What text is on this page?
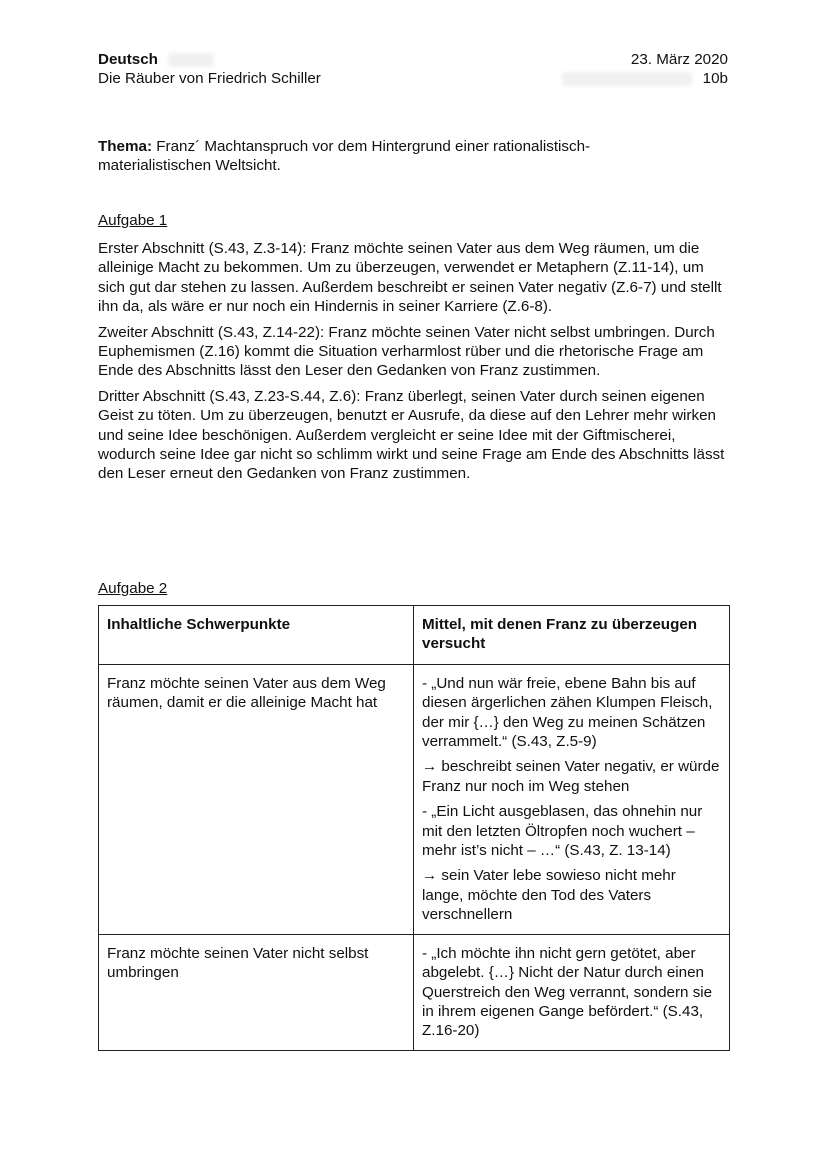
Deutsch
Die Räuber von Friedrich Schiller
23. März 2020
10b
Thema: Franz´ Machtanspruch vor dem Hintergrund einer rationalistisch-materialistischen Weltsicht.
Aufgabe 1

Erster Abschnitt (S.43, Z.3-14): Franz möchte seinen Vater aus dem Weg räumen, um die alleinige Macht zu bekommen. Um zu überzeugen, verwendet er Metaphern (Z.11-14), um sich gut dar stehen zu lassen. Außerdem beschreibt er seinen Vater negativ (Z.6-7) und stellt ihn da, als wäre er nur noch ein Hindernis in seiner Karriere (Z.6-8).

Zweiter Abschnitt (S.43, Z.14-22): Franz möchte seinen Vater nicht selbst umbringen. Durch Euphemismen (Z.16) kommt die Situation verharmlost rüber und die rhetorische Frage am Ende des Abschnitts lässt den Leser den Gedanken von Franz zustimmen.

Dritter Abschnitt (S.43, Z.23-S.44, Z.6): Franz überlegt, seinen Vater durch seinen eigenen Geist zu töten. Um zu überzeugen, benutzt er Ausrufe, da diese auf den Lehrer mehr wirken und seine Idee beschönigen. Außerdem vergleicht er seine Idee mit der Giftmischerei, wodurch seine Idee gar nicht so schlimm wirkt und seine Frage am Ende des Abschnitts lässt den Leser erneut den Gedanken von Franz zustimmen.

Aufgabe 2
Inhaltliche Schwerpunkte	Mittel, mit denen Franz zu überzeugen versucht
Franz möchte seinen Vater aus dem Weg räumen, damit er die alleinige Macht hat	- „Und nun wär freie, ebene Bahn bis auf diesen ärgerlichen zähen Klumpen Fleisch, der mir {…} den Weg zu meinen Schätzen verrammelt.“ (S.43, Z.5-9)
→ beschreibt seinen Vater negativ, er würde Franz nur noch im Weg stehen
- „Ein Licht ausgeblasen, das ohnehin nur mit den letzten Öltropfen noch wuchert – mehr ist’s nicht – …“ (S.43, Z. 13-14)
→ sein Vater lebe sowieso nicht mehr lange, möchte den Tod des Vaters verschnellern

Franz möchte seinen Vater nicht selbst umbringen	- „Ich möchte ihn nicht gern getötet, aber abgelebt. {…} Nicht der Natur durch einen Querstreich den Weg verrannt, sondern sie in ihrem eigenen Gange befördert.“ (S.43, Z.16-20)
